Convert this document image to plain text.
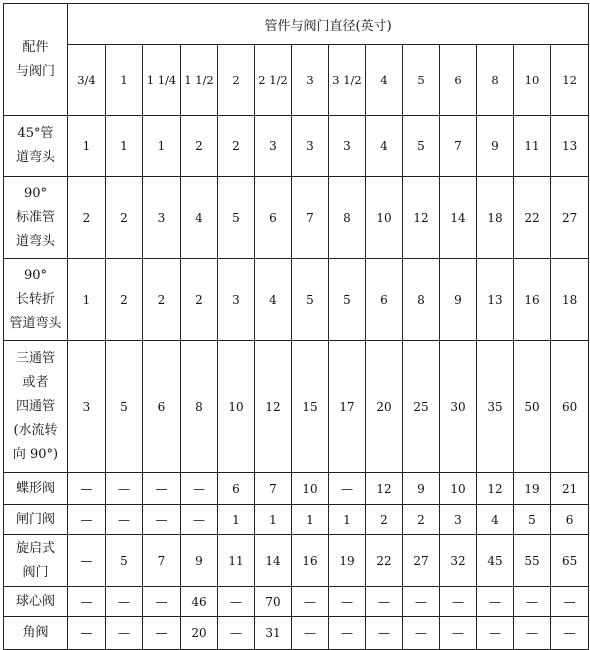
配件
与阀门	管件与阀门直径(英寸)													
	3/4	1	1 1/4	1 1/2	2	2 1/2	3	3 1/2	4	5	6	8	10	12

45°管
道弯头	1	1	1	2	2	3	3	3	4	5	7	9	11	13

90°
标准管
道弯头	2	2	3	4	5	6	7	8	10	12	14	18	22	27

90°
长转折
管道弯头	1	2	2	2	3	4	5	5	6	8	9	13	16	18

三通管
或者
四通管
(水流转
向 90°)	3	5	6	8	10	12	15	17	20	25	30	35	50	60

蝶形阀	—	—	—	—	6	7	10	—	12	9	10	12	19	21

闸门阀	—	—	—	—	1	1	1	1	2	2	3	4	5	6

旋启式
阀门	—	5	7	9	11	14	16	19	22	27	32	45	55	65

球心阀	—	—	—	46	—	70	—	—	—	—	—	—	—	—

角阀	—	—	—	20	—	31	—	—	—	—	—	—	—	—
